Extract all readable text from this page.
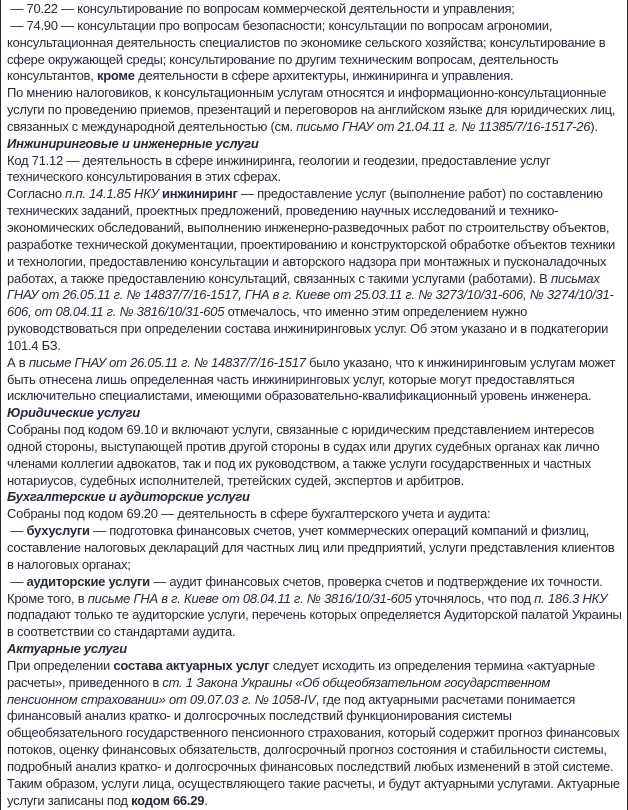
— 70.22 — консультирование по вопросам коммерческой деятельности и управления;
— 74.90 — консультации про вопросам безопасности; консультации по вопросам агрономии, консультационная деятельность специалистов по экономике сельского хозяйства; консультирование в сфере окружающей среды; консультирование по другим техническим вопросам, деятельность консультантов, кроме деятельности в сфере архитектуры, инжиниринга и управления.
По мнению налоговиков, к консультационным услугам относятся и информационно-консультационные услуги по проведению приемов, презентаций и переговоров на английском языке для юридических лиц, связанных с международной деятельностью (см. письмо ГНАУ от 21.04.11 г. № 11385/7/16-1517-26).
Инжиниринговые и инженерные услуги
Код 71.12 — деятельность в сфере инжиниринга, геологии и геодезии, предоставление услуг технического консультирования в этих сферах.
Согласно п.п. 14.1.85 НКУ инжиниринг — предоставление услуг (выполнение работ) по составлению технических заданий, проектных предложений, проведению научных исследований и технико-экономических обследований, выполнению инженерно-разведочных работ по строительству объектов, разработке технической документации, проектированию и конструкторской обработке объектов техники и технологии, предоставлению консультации и авторского надзора при монтажных и пусконаладочных работах, а также предоставлению консультаций, связанных с такими услугами (работами). В письмах ГНАУ от 26.05.11 г. № 14837/7/16-1517, ГНА в г. Киеве от 25.03.11 г. № 3273/10/31-606, № 3274/10/31-606, от 08.04.11 г. № 3816/10/31-605 отмечалось, что именно этим определением нужно руководствоваться при определении состава инжиниринговых услуг. Об этом указано и в подкатегории 101.4 БЗ.
А в письме ГНАУ от 26.05.11 г. № 14837/7/16-1517 было указано, что к инжиниринговым услугам может быть отнесена лишь определенная часть инжиниринговых услуг, которые могут предоставляться исключительно специалистами, имеющими образовательно-квалификационный уровень инженера.
Юридические услуги
Собраны под кодом 69.10 и включают услуги, связанные с юридическим представлением интересов одной стороны, выступающей против другой стороны в судах или других судебных органах как лично членами коллегии адвокатов, так и под их руководством, а также услуги государственных и частных нотариусов, судебных исполнителей, третейских судей, экспертов и арбитров.
Бухгалтерские и аудиторские услуги
Собраны под кодом 69.20 — деятельность в сфере бухгалтерского учета и аудита:
— бухуслуги — подготовка финансовых счетов, учет коммерческих операций компаний и физлиц, составление налоговых деклараций для частных лиц или предприятий, услуги представления клиентов в налоговых органах;
— аудиторские услуги — аудит финансовых счетов, проверка счетов и подтверждение их точности.
Кроме того, в письме ГНА в г. Киеве от 08.04.11 г. № 3816/10/31-605 уточнялось, что под п. 186.3 НКУ подпадают только те аудиторские услуги, перечень которых определяется Аудиторской палатой Украины в соответствии со стандартами аудита.
Актуарные услуги
При определении состава актуарных услуг следует исходить из определения термина «актуарные расчеты», приведенного в ст. 1 Закона Украины «Об общеобязательном государственном пенсионном страховании» от 09.07.03 г. № 1058-IV, где под актуарными расчетами понимается финансовый анализ кратко- и долгосрочных последствий функционирования системы общеобязательного государственного пенсионного страхования, который содержит прогноз финансовых потоков, оценку финансовых обязательств, долгосрочный прогноз состояния и стабильности системы, подробный анализ кратко- и долгосрочных финансовых последствий любых изменений в этой системе.
Таким образом, услуги лица, осуществляющего такие расчеты, и будут актуарными услугами. Актуарные услуги записаны под кодом 66.29.
